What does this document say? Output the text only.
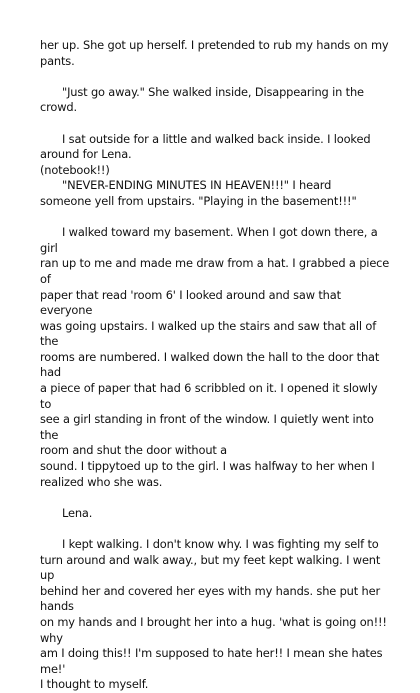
her up. She got up herself. I pretended to rub my hands on my
pants.
"Just go away." She walked inside, Disappearing in the crowd.
I sat outside for a little and walked back inside. I looked
around for Lena.
(notebook!!)
"NEVER-ENDING MINUTES IN HEAVEN!!!" I heard
someone yell from upstairs. "Playing in the basement!!!"
I walked toward my basement. When I got down there, a girl
ran up to me and made me draw from a hat. I grabbed a piece of
paper that read 'room 6' I looked around and saw that everyone
was going upstairs. I walked up the stairs and saw that all of the
rooms are numbered. I walked down the hall to the door that had
a piece of paper that had 6 scribbled on it. I opened it slowly to
see a girl standing in front of the window. I quietly went into the
room and shut the door without a
sound. I tippytoed up to the girl. I was halfway to her when I
realized who she was.
Lena.
I kept walking. I don't know why. I was fighting my self to
turn around and walk away., but my feet kept walking. I went up
behind her and covered her eyes with my hands. she put her hands
on my hands and I brought her into a hug. 'what is going on!!! why
am I doing this!! I'm supposed to hate her!! I mean she hates me!'
I thought to myself.
